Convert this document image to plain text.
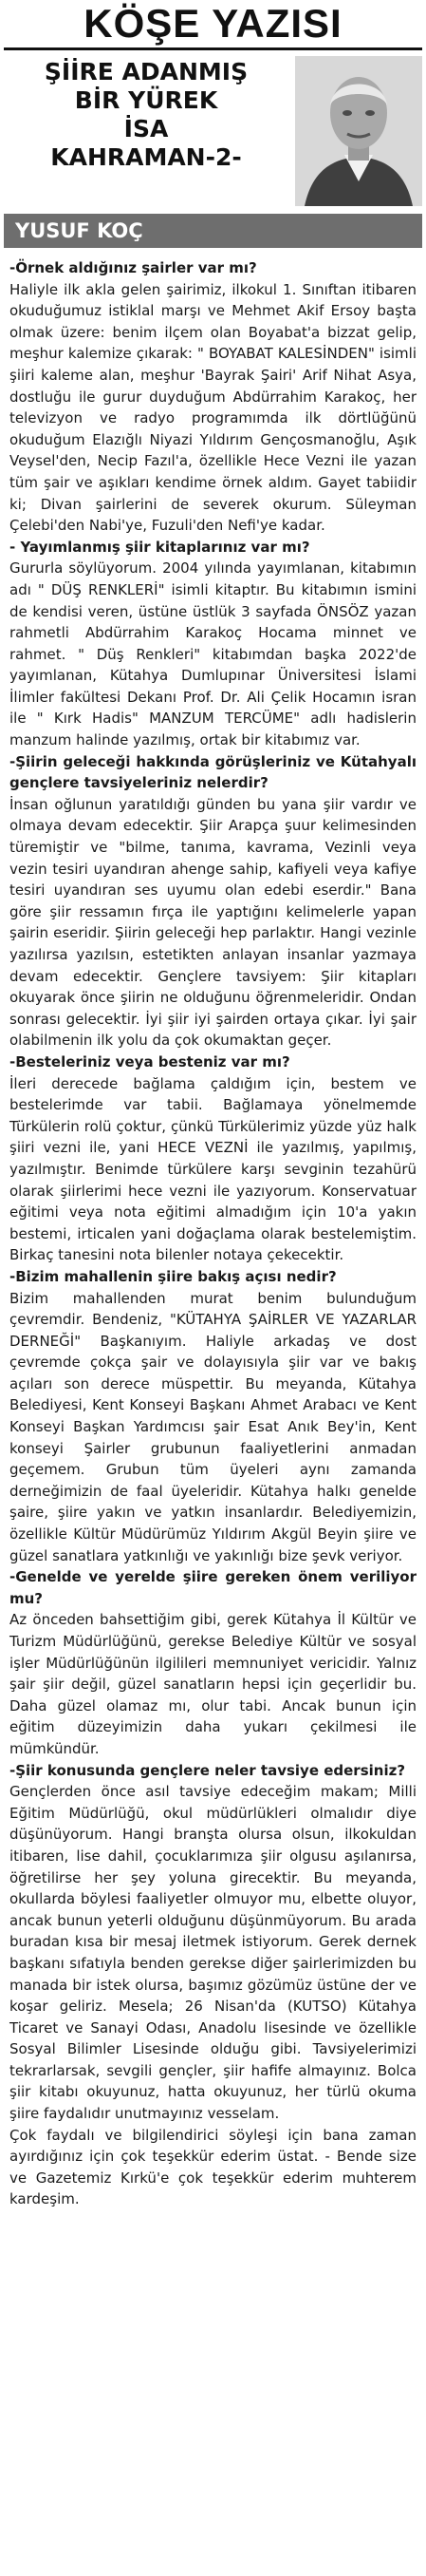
KÖŞE YAZISI
ŞİİRE ADANMIŞ
BİR YÜREK
İSA
KAHRAMAN-2-
YUSUF KOÇ

-Örnek aldığınız şairler var mı?

Haliyle ilk akla gelen şairimiz, ilkokul 1. Sınıftan itibaren okuduğumuz istiklal marşı ve Mehmet Akif Ersoy başta olmak üzere: benim ilçem olan Boyabat'a bizzat gelip, meşhur kalemize çıkarak: " BOYABAT KALESİNDEN" isimli şiiri kaleme alan, meşhur 'Bayrak Şairi' Arif Nihat Asya, dostluğu ile gurur duyduğum Abdürrahim Karakoç, her televizyon ve radyo programımda ilk dörtlüğünü okuduğum Elazığlı Niyazi Yıldırım Gençosmanoğlu, Aşık Veysel'den, Necip Fazıl'a, özellikle Hece Vezni ile yazan tüm şair ve aşıkları kendime örnek aldım. Gayet tabiidir ki; Divan şairlerini de severek okurum. Süleyman Çelebi'den Nabi'ye, Fuzuli'den Nefi'ye kadar.

- Yayımlanmış şiir kitaplarınız var mı?

Gururla söylüyorum. 2004 yılında yayımlanan, kitabımın adı " DÜŞ RENKLERİ" isimli kitaptır. Bu kitabımın ismini de kendisi veren, üstüne üstlük 3 sayfada ÖNSÖZ yazan rahmetli Abdürrahim Karakoç Hocama minnet ve rahmet. " Düş Renkleri" kitabımdan başka 2022'de yayımlanan, Kütahya Dumlupınar Üniversitesi İslami İlimler fakültesi Dekanı Prof. Dr. Ali Çelik Hocamın isran ile " Kırk Hadis" MANZUM TERCÜME" adlı hadislerin manzum halinde yazılmış, ortak bir kitabımız var.

-Şiirin geleceği hakkında görüşleriniz ve Kütahyalı gençlere tavsiyeleriniz nelerdir?

İnsan oğlunun yaratıldığı günden bu yana şiir vardır ve olmaya devam edecektir. Şiir Arapça şuur kelimesinden türemiştir ve "bilme, tanıma, kavrama, Vezinli veya vezin tesiri uyandıran ahenge sahip, kafiyeli veya kafiye tesiri uyandıran ses uyumu olan edebi eserdir." Bana göre şiir ressamın fırça ile yaptığını kelimelerle yapan şairin eseridir. Şiirin geleceği hep parlaktır. Hangi vezinle yazılırsa yazılsın, estetikten anlayan insanlar yazmaya devam edecektir. Gençlere tavsiyem: Şiir kitapları okuyarak önce şiirin ne olduğunu öğrenmeleridir. Ondan sonrası gelecektir. İyi şiir iyi şairden ortaya çıkar. İyi şair olabilmenin ilk yolu da çok okumaktan geçer.

-Besteleriniz veya besteniz var mı?

İleri derecede bağlama çaldığım için, bestem ve bestelerimde var tabii. Bağlamaya yönelmemde Türkülerin rolü çoktur, çünkü Türkülerimiz yüzde yüz halk şiiri vezni ile, yani HECE VEZNİ ile yazılmış, yapılmış, yazılmıştır. Benimde türkülere karşı sevginin tezahürü olarak şiirlerimi hece vezni ile yazıyorum. Konservatuar eğitimi veya nota eğitimi almadığım için 10'a yakın bestemi, irticalen yani doğaçlama olarak bestelemiştim. Birkaç tanesini nota bilenler notaya çekecektir.

-Bizim mahallenin şiire bakış açısı nedir?

Bizim mahallenden murat benim bulunduğum çevremdir. Bendeniz, "KÜTAHYA ŞAİRLER VE YAZARLAR DERNEĞİ" Başkanıyım. Haliyle arkadaş ve dost çevremde çokça şair ve dolayısıyla şiir var ve bakış açıları son derece müspettir. Bu meyanda, Kütahya Belediyesi, Kent Konseyi Başkanı Ahmet Arabacı ve Kent Konseyi Başkan Yardımcısı şair Esat Anık Bey'in, Kent konseyi Şairler grubunun faaliyetlerini anmadan geçemem. Grubun tüm üyeleri aynı zamanda derneğimizin de faal üyeleridir. Kütahya halkı genelde şaire, şiire yakın ve yatkın insanlardır. Belediyemizin, özellikle Kültür Müdürümüz Yıldırım Akgül Beyin şiire ve güzel sanatlara yatkınlığı ve yakınlığı bize şevk veriyor.

-Genelde ve yerelde şiire gereken önem veriliyor mu?

Az önceden bahsettiğim gibi, gerek Kütahya İl Kültür ve Turizm Müdürlüğünü, gerekse Belediye Kültür ve sosyal işler Müdürlüğünün ilgilileri memnuniyet vericidir. Yalnız şair şiir değil, güzel sanatların hepsi için geçerlidir bu. Daha güzel olamaz mı, olur tabi. Ancak bunun için eğitim düzeyimizin daha yukarı çekilmesi ile mümkündür.

-Şiir konusunda gençlere neler tavsiye edersiniz?

Gençlerden önce asıl tavsiye edeceğim makam; Milli Eğitim Müdürlüğü, okul müdürlükleri olmalıdır diye düşünüyorum. Hangi branşta olursa olsun, ilkokuldan itibaren, lise dahil, çocuklarımıza şiir olgusu aşılanırsa, öğretilirse her şey yoluna girecektir. Bu meyanda, okullarda böylesi faaliyetler olmuyor mu, elbette oluyor, ancak bunun yeterli olduğunu düşünmüyorum. Bu arada buradan kısa bir mesaj iletmek istiyorum. Gerek dernek başkanı sıfatıyla benden gerekse diğer şairlerimizden bu manada bir istek olursa, başımız gözümüz üstüne der ve koşar geliriz. Mesela; 26 Nisan'da (KUTSO) Kütahya Ticaret ve Sanayi Odası, Anadolu lisesinde ve özellikle Sosyal Bilimler Lisesinde olduğu gibi. Tavsiyelerimizi tekrarlarsak, sevgili gençler, şiir hafife almayınız. Bolca şiir kitabı okuyunuz, hatta okuyunuz, her türlü okuma şiire faydalıdır unutmayınız vesselam.

Çok faydalı ve bilgilendirici söyleşi için bana zaman ayırdığınız için çok teşekkür ederim üstat. - Bende size ve Gazetemiz Kırkü'e çok teşekkür ederim muhterem kardeşim.
